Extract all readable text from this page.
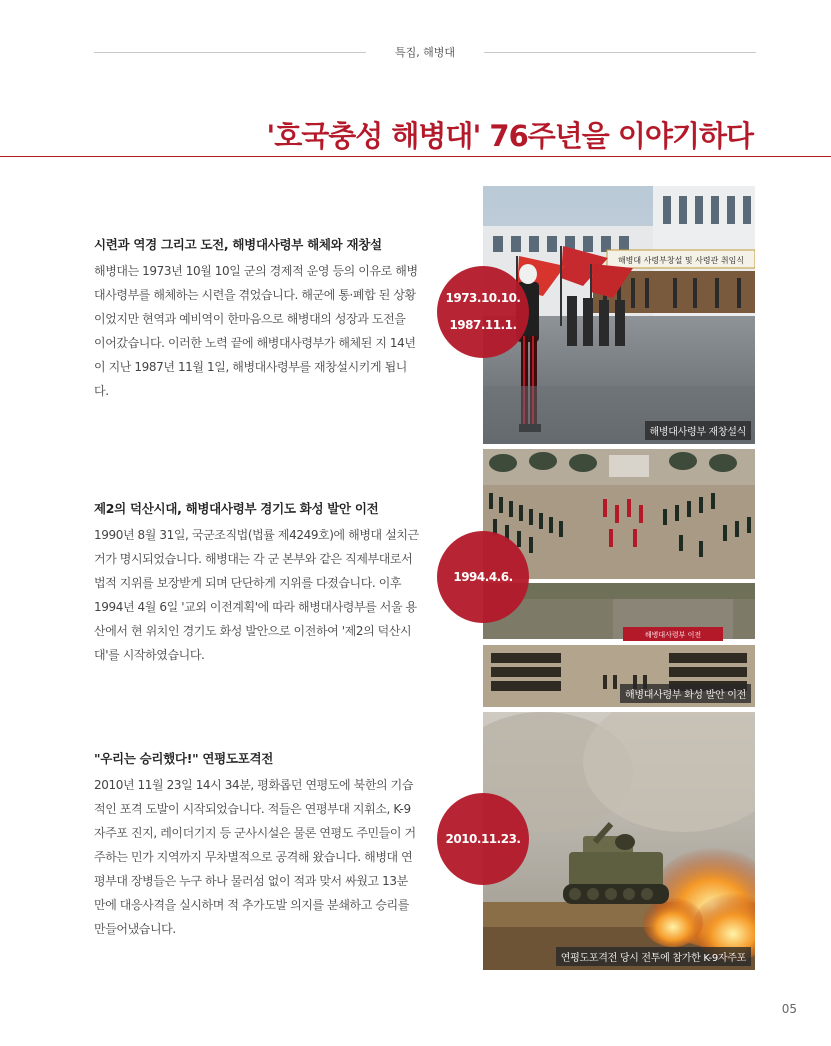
특집, 해병대
'호국충성 해병대' 76주년을 이야기하다

시련과 역경 그리고 도전, 해병대사령부 해체와 재창설

해병대는 1973년 10월 10일 군의 경제적 운영 등의 이유로 해병대사령부를 해체하는 시련을 겪었습니다. 해군에 통·폐합 된 상황이었지만 현역과 예비역이 한마음으로 해병대의 성장과 도전을 이어갔습니다. 이러한 노력 끝에 해병대사령부가 해체된 지 14년이 지난 1987년 11월 1일, 해병대사령부를 재창설시키게 됩니다.

해병대 사령부창설 및 사령관 취임식
해병대사령부 재창설식
1973.10.10.
1987.11.1.

제2의 덕산시대, 해병대사령부 경기도 화성 발안 이전

1990년 8월 31일, 국군조직법(법률 제4249호)에 해병대 설치근거가 명시되었습니다. 해병대는 각 군 본부와 같은 직제부대로서 법적 지위를 보장받게 되며 단단하게 지위를 다졌습니다. 이후 1994년 4월 6일 '교외 이전계획'에 따라 해병대사령부를 서울 용산에서 현 위치인 경기도 화성 발안으로 이전하여 '제2의 덕산시대'를 시작하였습니다.

해병대사령부 이전
해병대사령부 화성 발안 이전
1994.4.6.

"우리는 승리했다!" 연평도포격전

2010년 11월 23일 14시 34분, 평화롭던 연평도에 북한의 기습적인 포격 도발이 시작되었습니다. 적들은 연평부대 지휘소, K-9자주포 진지, 레이더기지 등 군사시설은 물론 연평도 주민들이 거주하는 민가 지역까지 무차별적으로 공격해 왔습니다. 해병대 연평부대 장병들은 누구 하나 물러섬 없이 적과 맞서 싸웠고 13분 만에 대응사격을 실시하며 적 추가도발 의지를 분쇄하고 승리를 만들어냈습니다.

연평도포격전 당시 전투에 참가한 K-9자주포
2010.11.23.
05
